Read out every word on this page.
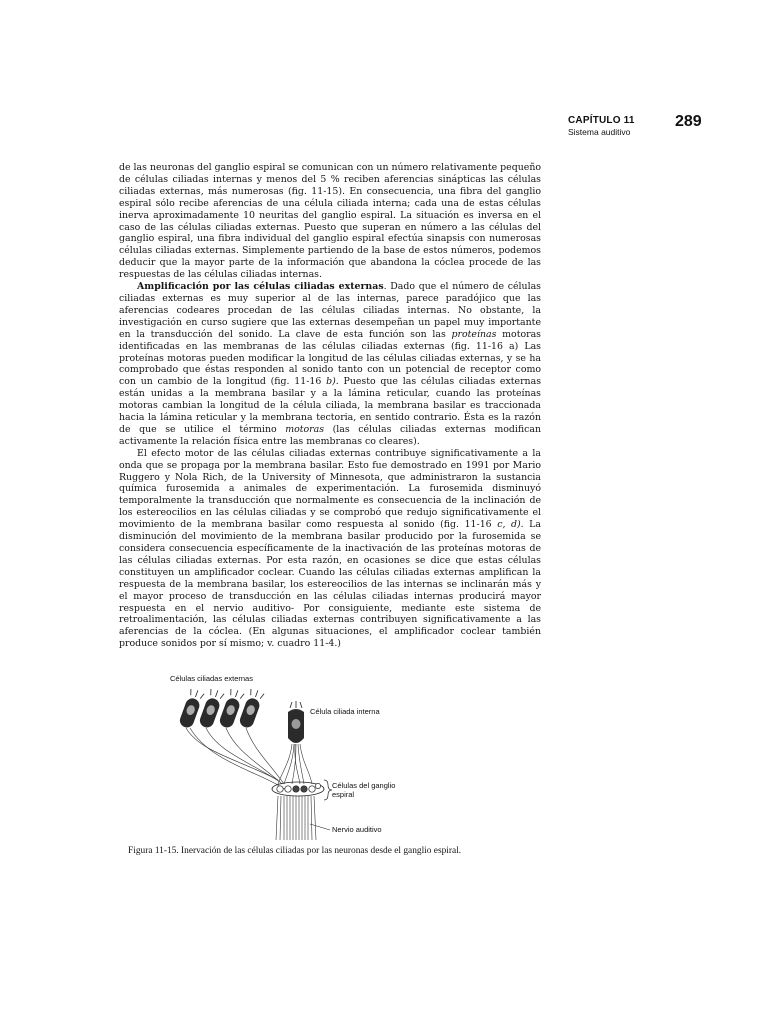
CAPÍTULO 11
Sistema auditivo
289

de las neuronas del ganglio espiral se comunican con un número relativamente pequeño de células ciliadas internas y menos del 5 % reciben aferencias sinápticas las células ciliadas externas, más numerosas (fig. 11-15). En consecuencia, una fibra del ganglio espiral sólo recibe aferencias de una célula ciliada interna; cada una de estas células inerva aproximadamente 10 neuritas del ganglio espiral. La situación es inversa en el caso de las células ciliadas externas. Puesto que superan en número a las células del ganglio espiral, una fibra individual del ganglio espiral efectúa sinapsis con numerosas células ciliadas externas. Simplemente partiendo de la base de estos números, podemos deducir que la mayor parte de la información que abandona la cóclea procede de las respuestas de las células ciliadas internas.

Amplificación por las células ciliadas externas. Dado que el número de células ciliadas externas es muy superior al de las internas, parece paradójico que las aferencias codeares procedan de las células ciliadas internas. No obstante, la investigación en curso sugiere que las externas desempeñan un papel muy importante en la transducción del sonido. La clave de esta función son las proteínas motoras identificadas en las membranas de las células ciliadas externas (fig. 11-16 a) Las proteínas motoras pueden modificar la longitud de las células ciliadas externas, y se ha comprobado que éstas responden al sonido tanto con un potencial de receptor como con un cambio de la longitud (fig. 11-16 b). Puesto que las células ciliadas externas están unidas a la membrana basilar y a la lámina reticular, cuando las proteínas motoras cambian la longitud de la célula ciliada, la membrana basilar es traccionada hacia la lámina reticular y la membrana tectoria, en sentido contrario. Ésta es la razón de que se utilice el término motoras (las células ciliadas externas modifican activamente la relación física entre las membranas co cleares).

El efecto motor de las células ciliadas externas contribuye significativamente a la onda que se propaga por la membrana basilar. Esto fue demostrado en 1991 por Mario Ruggero y Nola Rich, de la University of Minnesota, que administraron la sustancia química furosemida a animales de experimentación. La furosemida disminuyó temporalmente la transducción que normalmente es consecuencia de la inclinación de los estereocilios en las células ciliadas y se comprobó que redujo significativamente el movimiento de la membrana basilar como respuesta al sonido (fig. 11-16 c, d). La disminución del movimiento de la membrana basilar producido por la furosemida se considera consecuencia específicamente de la inactivación de las proteínas motoras de las células ciliadas externas. Por esta razón, en ocasiones se dice que estas células constituyen un amplificador coclear. Cuando las células ciliadas externas amplifican la respuesta de la membrana basilar, los estereocilios de las internas se inclinarán más y el mayor proceso de transducción en las células ciliadas internas producirá mayor respuesta en el nervio auditivo- Por consiguiente, mediante este sistema de retroalimentación, las células ciliadas externas contribuyen significativamente a las aferencias de la cóclea. (En algunas situaciones, el amplificador coclear también produce sonidos por sí mismo; v. cuadro 11-4.)

Células ciliadas externas
Célula ciliada interna
Células del ganglio
espiral
Nervio auditivo
Figura 11-15. Inervación de las células ciliadas por las neuronas desde el ganglio espiral.
